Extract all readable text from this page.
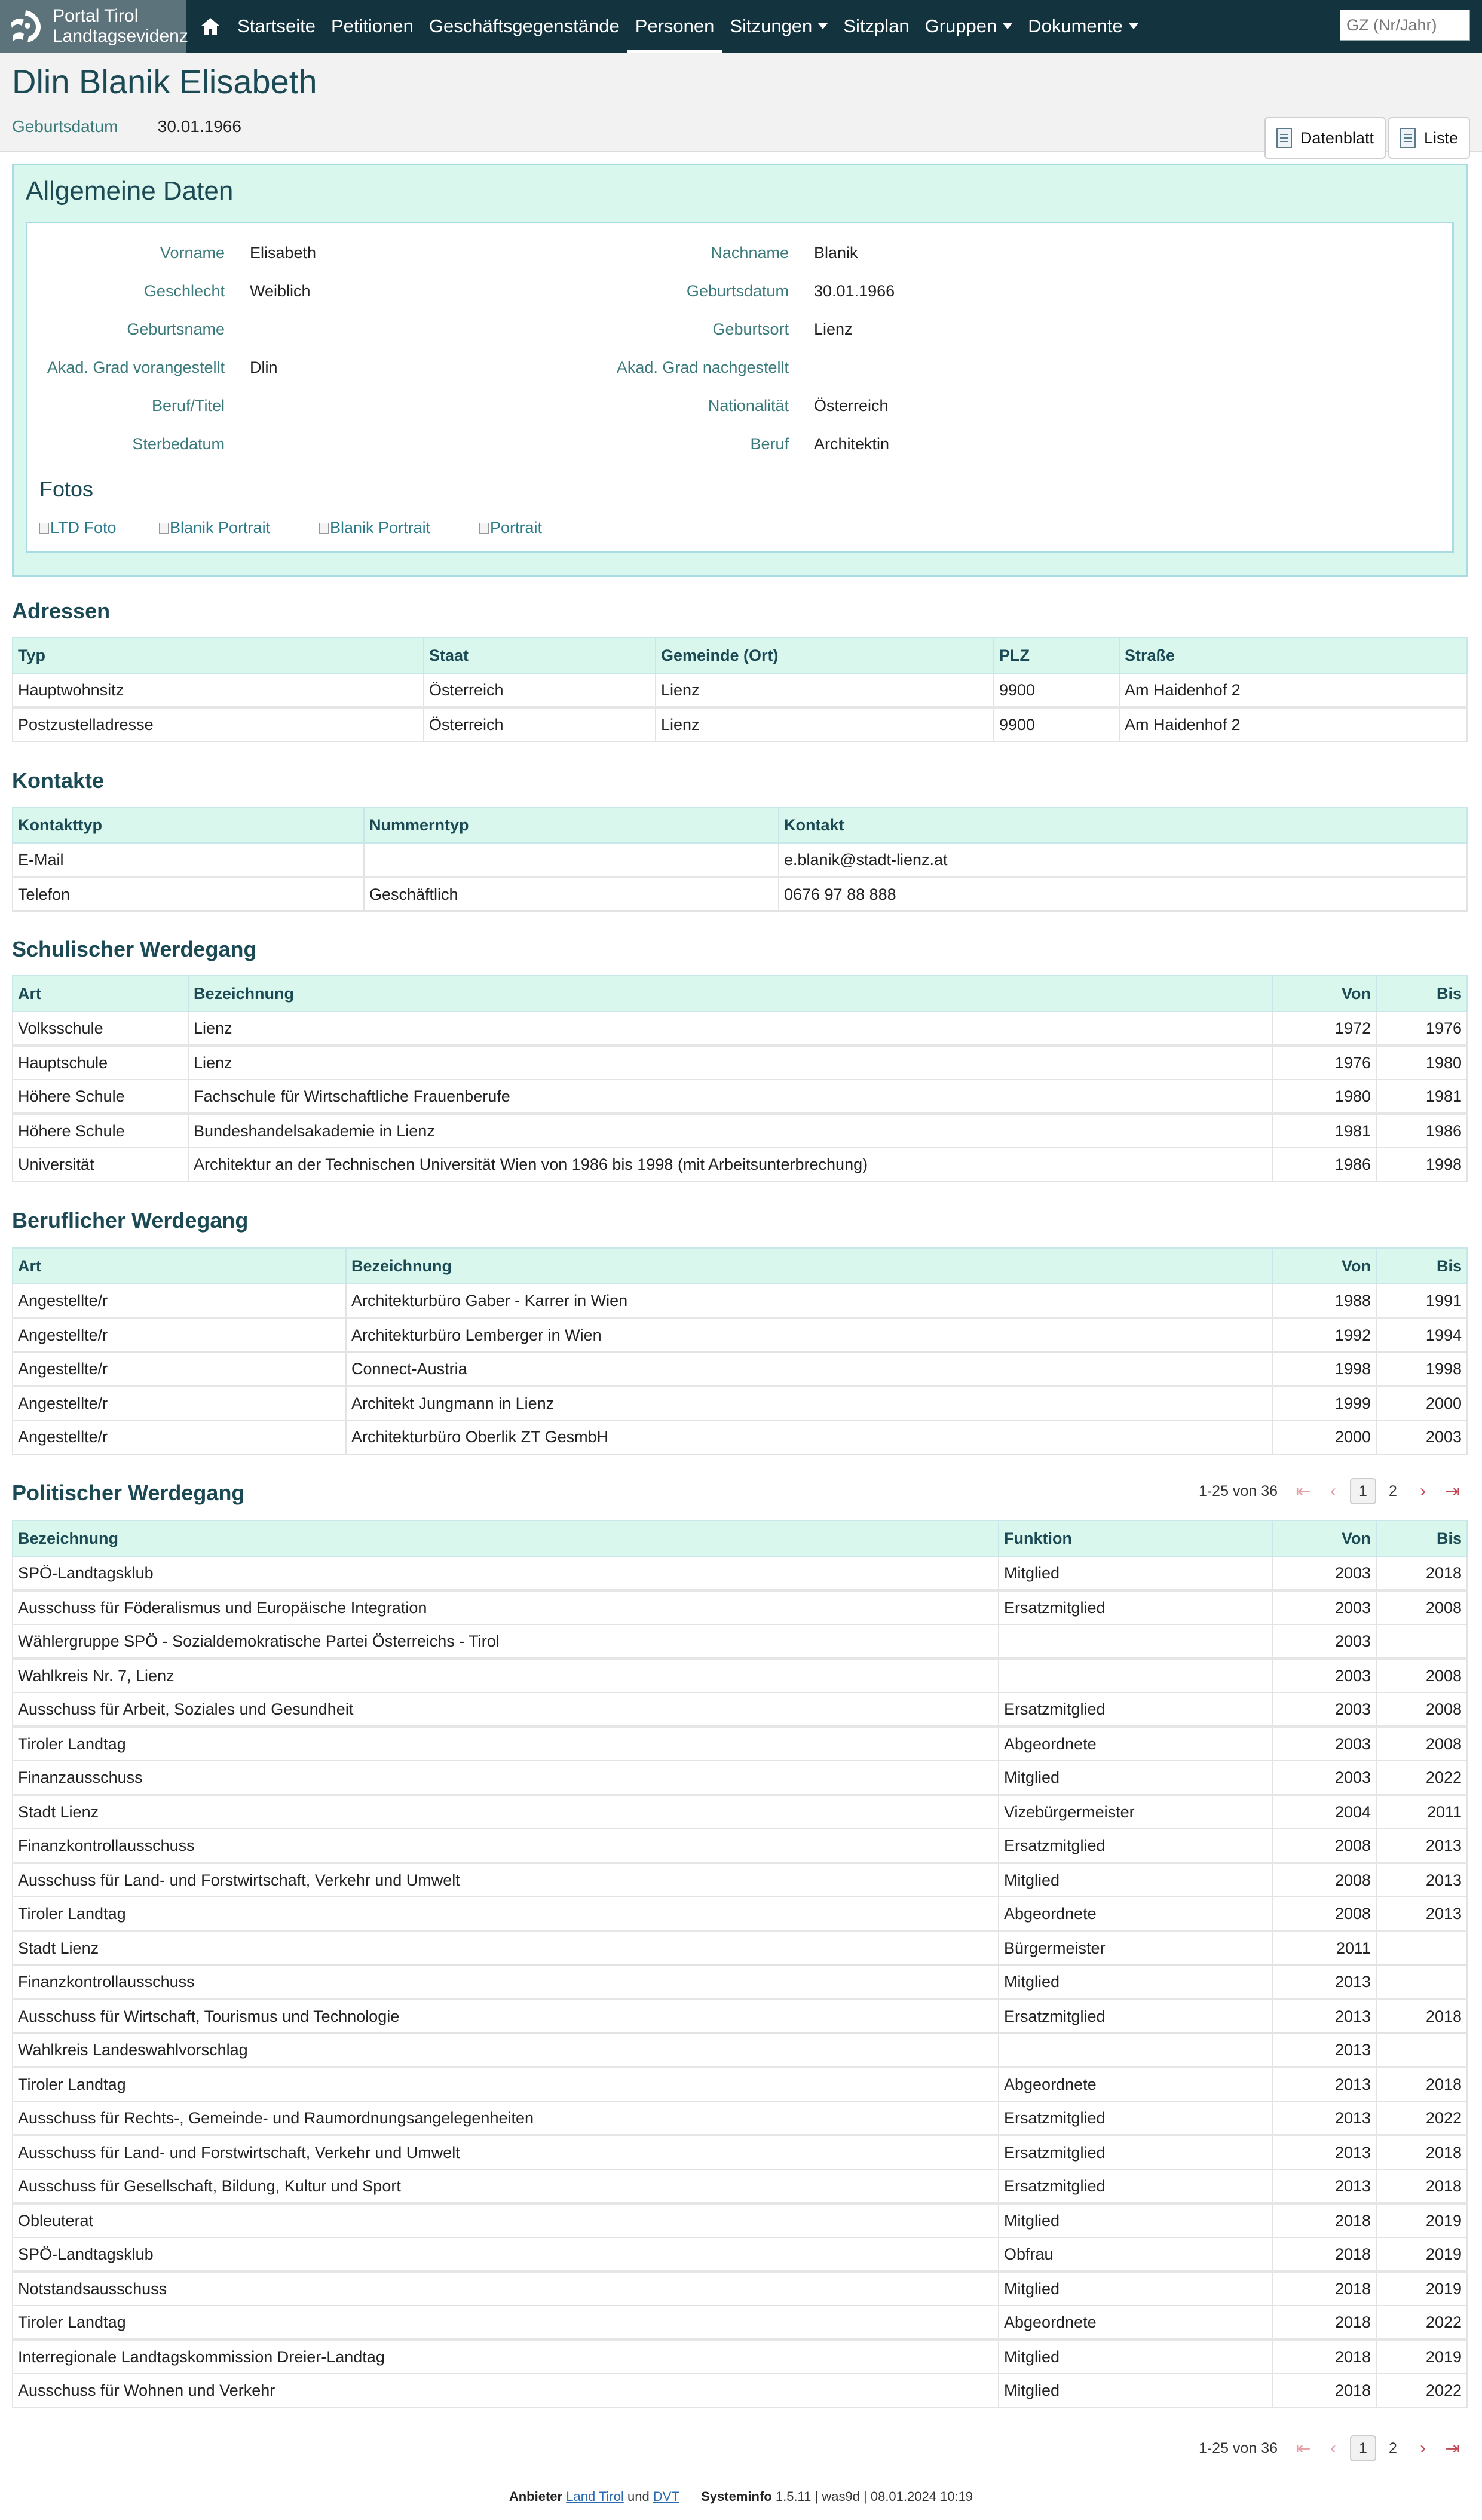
Portal Tirol
Landtagsevidenz	Startseite Petitionen Geschäftsgegenstände Personen Sitzungen	Sitzplan Gruppen Dokumente
GZ (Nr/Jahr)
Dlin Blanik Elisabeth
Geburtsdatum 30.01.1966
Datenblatt	Liste
Allgemeine Daten
Vorname Elisabeth
Geschlecht Weiblich
Geburtsname
Akad. Grad vorangestellt Dlin
Beruf/Titel
Sterbedatum
Nachname Blanik
Geburtsdatum 30.01.1966
Geburtsort Lienz
Akad. Grad nachgestellt
Nationalität Österreich
Beruf Architektin
Fotos
LTD Foto	Blanik Portrait	Blanik Portrait	Portrait
Adressen
Typ	Staat	Gemeinde (Ort)	PLZ	Straße
Hauptwohnsitz	Österreich	Lienz	9900	Am Haidenhof 2
Postzustelladresse	Österreich	Lienz	9900	Am Haidenhof 2
Kontakte
Kontakttyp	Nummerntyp	Kontakt
E-Mail		e.blanik@stadt-lienz.at
Telefon	Geschäftlich	0676 97 88 888
Schulischer Werdegang
Art	Bezeichnung	Von	Bis
Volksschule	Lienz	1972	1976
Hauptschule	Lienz	1976	1980
Höhere Schule	Fachschule für Wirtschaftliche Frauenberufe	1980	1981
Höhere Schule	Bundeshandelsakademie in Lienz	1981	1986
Universität	Architektur an der Technischen Universität Wien von 1986 bis 1998 (mit Arbeitsunterbrechung)	1986	1998
Beruflicher Werdegang
Art	Bezeichnung	Von	Bis
Angestellte/r	Architekturbüro Gaber - Karrer in Wien	1988	1991
Angestellte/r	Architekturbüro Lemberger in Wien	1992	1994
Angestellte/r	Connect-Austria	1998	1998
Angestellte/r	Architekt Jungmann in Lienz	1999	2000
Angestellte/r	Architekturbüro Oberlik ZT GesmbH	2000	2003
Politischer Werdegang	1-25 von 36	⇤	‹	1	2	›	⇥
Bezeichnung	Funktion	Von	Bis
SPÖ-Landtagsklub	Mitglied	2003	2018
Ausschuss für Föderalismus und Europäische Integration	Ersatzmitglied	2003	2008
Wählergruppe SPÖ - Sozialdemokratische Partei Österreichs - Tirol		2003	
Wahlkreis Nr. 7, Lienz		2003	2008
Ausschuss für Arbeit, Soziales und Gesundheit	Ersatzmitglied	2003	2008
Tiroler Landtag	Abgeordnete	2003	2008
Finanzausschuss	Mitglied	2003	2022
Stadt Lienz	Vizebürgermeister	2004	2011
Finanzkontrollausschuss	Ersatzmitglied	2008	2013
Ausschuss für Land- und Forstwirtschaft, Verkehr und Umwelt	Mitglied	2008	2013
Tiroler Landtag	Abgeordnete	2008	2013
Stadt Lienz	Bürgermeister	2011	
Finanzkontrollausschuss	Mitglied	2013	
Ausschuss für Wirtschaft, Tourismus und Technologie	Ersatzmitglied	2013	2018
Wahlkreis Landeswahlvorschlag		2013	
Tiroler Landtag	Abgeordnete	2013	2018
Ausschuss für Rechts-, Gemeinde- und Raumordnungsangelegenheiten	Ersatzmitglied	2013	2022
Ausschuss für Land- und Forstwirtschaft, Verkehr und Umwelt	Ersatzmitglied	2013	2018
Ausschuss für Gesellschaft, Bildung, Kultur und Sport	Ersatzmitglied	2013	2018
Obleuterat	Mitglied	2018	2019
SPÖ-Landtagsklub	Obfrau	2018	2019
Notstandsausschuss	Mitglied	2018	2019
Tiroler Landtag	Abgeordnete	2018	2022
Interregionale Landtagskommission Dreier-Landtag	Mitglied	2018	2019
Ausschuss für Wohnen und Verkehr	Mitglied	2018	2022
1-25 von 36	⇤	‹	1	2	›	⇥
Anbieter Land Tirol und DVT Systeminfo 1.5.11 | was9d | 08.01.2024 10:19
